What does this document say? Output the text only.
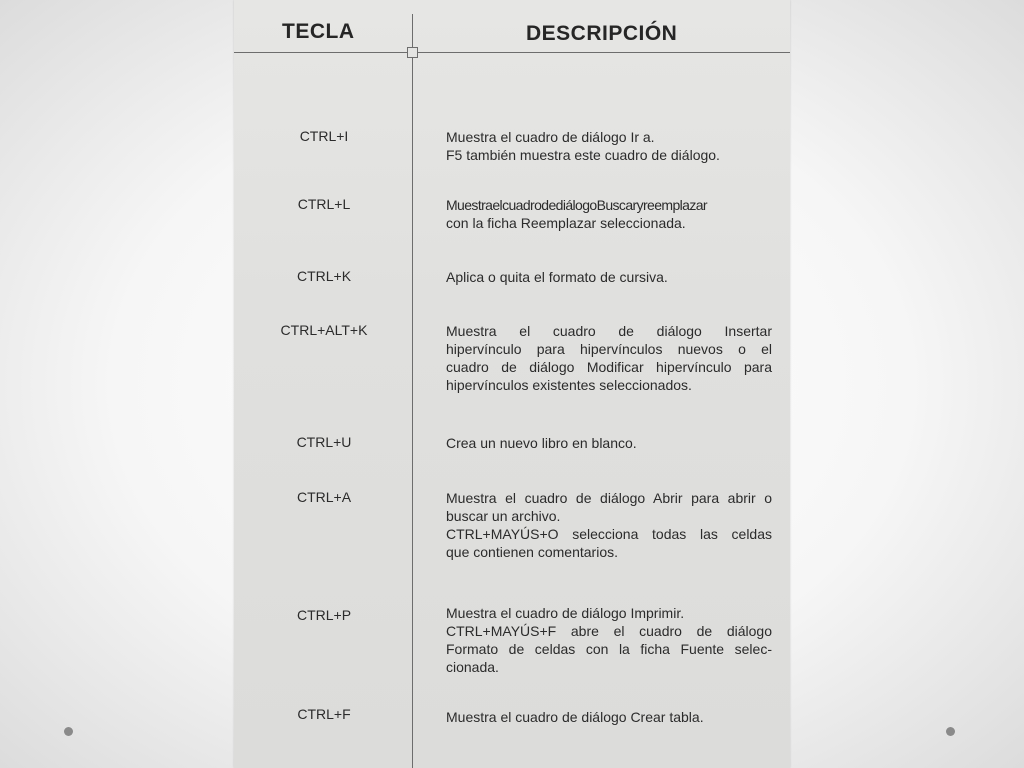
TECLA	DESCRIPCIÓN
CTRL+I	Muestra el cuadro de diálogo Ir a.
F5 también muestra este cuadro de diálogo.
CTRL+L	MuestraelcuadrodediálogoBuscaryreemplazar
con la ficha Reemplazar seleccionada.
CTRL+K	Aplica o quita el formato de cursiva.
CTRL+ALT+K	Muestra el cuadro de diálogo Insertar
hipervínculo para hipervínculos nuevos o el
cuadro de diálogo Modificar hipervínculo para
hipervínculos existentes seleccionados.
CTRL+U	Crea un nuevo libro en blanco.
CTRL+A	Muestra el cuadro de diálogo Abrir para abrir o
buscar un archivo.
CTRL+MAYÚS+O selecciona todas las celdas
que contienen comentarios.
CTRL+P	Muestra el cuadro de diálogo Imprimir.
CTRL+MAYÚS+F abre el cuadro de diálogo
Formato de celdas con la ficha Fuente selec-
cionada.
CTRL+F	Muestra el cuadro de diálogo Crear tabla.
